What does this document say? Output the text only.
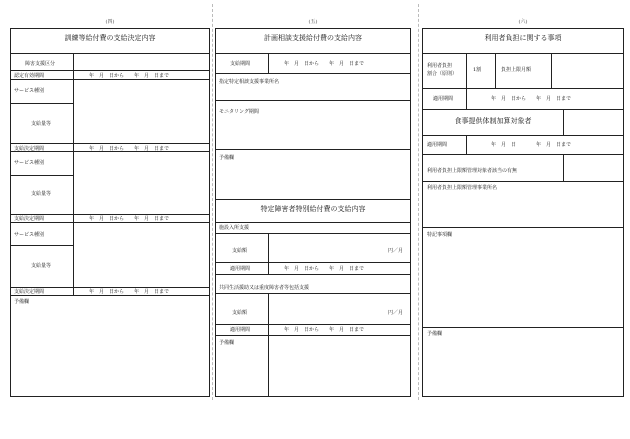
(四)	(五)	(六)
訓練等給付費の支給決定内容
障害支援区分
認定有効期間	年　月　日から　　年　月　日まで
サービス種別
支給量等
支給決定期間	年　月　日から　　年　月　日まで
サービス種別
支給量等
支給決定期間	年　月　日から　　年　月　日まで
サービス種別
支給量等
支給決定期間	年　月　日から　　年　月　日まで
予備欄
計画相談支援給付費の支給内容
支給期間	年　月　日から　　年　月　日まで
指定特定相談支援事業所名
モニタリング期間
予備欄
特定障害者特別給付費の支給内容
施設入所支援
支給額	円／月
適用期間	年　月　日から　　年　月　日まで
共同生活援助又は重度障害者等包括支援
支給額	円／月
適用期間	年　月　日から　　年　月　日まで
予備欄
利用者負担に関する事項
利用者負担
割合（原則）
1割	負担上限月額
適用期間	年　月　日から　　年　月　日まで
食事提供体制加算対象者
適用期間	年　月　日　　　　年　月　日まで
利用者負担上限額管理対象者該当の有無
利用者負担上限額管理事業所名
特記事項欄
予備欄
